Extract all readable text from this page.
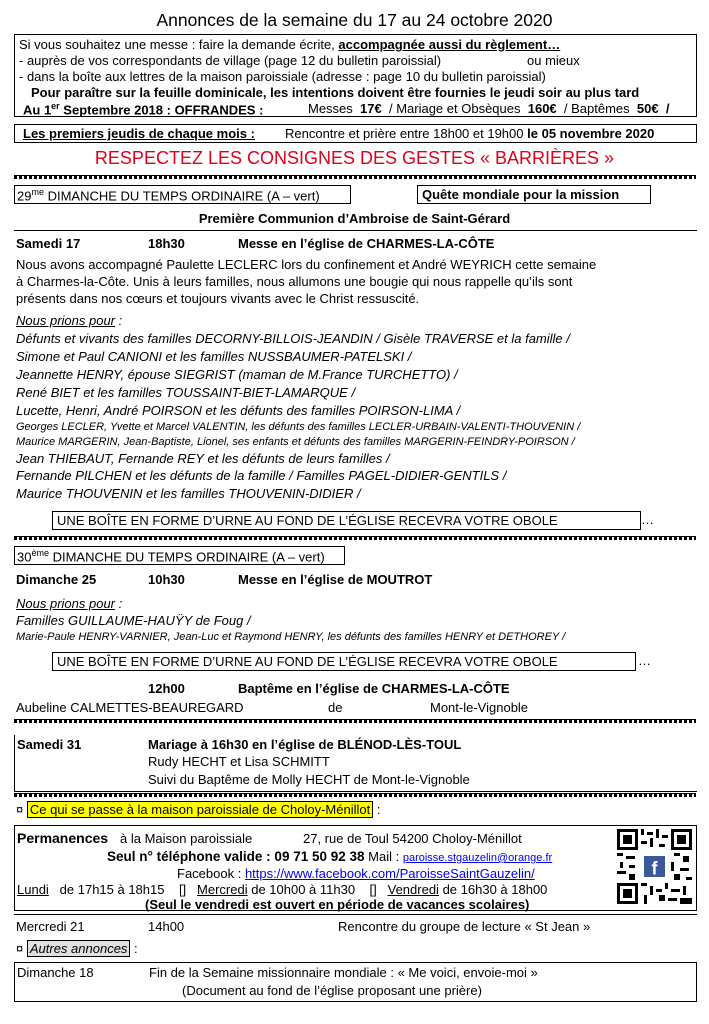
Annonces de la semaine du 17 au 24 octobre 2020
Si vous souhaitez une messe : faire la demande écrite, accompagnée aussi du règlement…
- auprès de vos correspondants de village (page 12 du bulletin paroissial)	ou mieux
- dans la boîte aux lettres de la maison paroissiale (adresse : page 10 du bulletin paroissial)
Pour paraître sur la feuille dominicale, les intentions doivent être fournies le jeudi soir au plus tard
Au 1er Septembre 2018 : OFFRANDES :	Messes 17€ / Mariage et Obsèques 160€ / Baptêmes 50€ /
Les premiers jeudis de chaque mois : Rencontre et prière entre 18h00 et 19h00 le 05 novembre 2020
RESPECTEZ LES CONSIGNES DES GESTES « BARRIÈRES »
$29^{me}$ DIMANCHE DU TEMPS ORDINAIRE (A – vert)	Quête mondiale pour la mission
Première Communion d’Ambroise de Saint-Gérard
Samedi 17	18h30	Messe en l’église de CHARMES-LA-CÔTE
Nous avons accompagné Paulette LECLERC lors du confinement et André WEYRICH cette semaine
à Charmes-la-Côte. Unis à leurs familles, nous allumons une bougie qui nous rappelle qu’ils sont
présents dans nos cœurs et toujours vivants avec le Christ ressuscité.
Nous prions pour :
Défunts et vivants des familles DECORNY-BILLOIS-JEANDIN / Gisèle TRAVERSE et la famille /
Simone et Paul CANIONI et les familles NUSSBAUMER-PATELSKI /
Jeannette HENRY, épouse SIEGRIST (maman de M.France TURCHETTO) /
René BIET et les familles TOUSSAINT-BIET-LAMARQUE /
Lucette, Henri, André POIRSON et les défunts des familles POIRSON-LIMA /
Georges LECLER, Yvette et Marcel VALENTIN, les défunts des familles LECLER-URBAIN-VALENTI-THOUVENIN /
Maurice MARGERIN, Jean-Baptiste, Lionel, ses enfants et défunts des familles MARGERIN-FEINDRY-POIRSON /
Jean THIEBAUT, Fernande REY et les défunts de leurs familles /
Fernande PILCHEN et les défunts de la famille / Familles PAGEL-DIDIER-GENTILS /
Maurice THOUVENIN et les familles THOUVENIN-DIDIER /
UNE BOÎTE EN FORME D’URNE AU FOND DE L’ÉGLISE RECEVRA VOTRE OBOLE	…
30ème DIMANCHE DU TEMPS ORDINAIRE (A – vert)
Dimanche 25	10h30	Messe en l’église de MOUTROT
Nous prions pour :
Familles GUILLAUME-HAUŸY de Foug /
Marie-Paule HENRY-VARNIER, Jean-Luc et Raymond HENRY, les défunts des familles HENRY et DETHOREY /
UNE BOÎTE EN FORME D’URNE AU FOND DE L’ÉGLISE RECEVRA VOTRE OBOLE	…
12h00	Baptême en l’église de CHARMES-LA-CÔTE
Aubeline CALMETTES-BEAUREGARD	de	Mont-le-Vignoble
Samedi 31	Mariage à 16h30 en l’église de BLÉNOD-LÈS-TOUL
Rudy HECHT et Lisa SCHMITT
Suivi du Baptême de Molly HECHT de Mont-le-Vignoble
¤ Ce qui se passe à la maison paroissiale de Choloy-Ménillot :
Permanences à la Maison paroissiale	27, rue de Toul 54200 Choloy-Ménillot
Seul n° téléphone valide : 09 71 50 92 38 Mail : paroisse.stgauzelin@orange.fr
Facebook : https://www.facebook.com/ParoisseSaintGauzelin/
Lundi de 17h15 à 18h15 [] Mercredi de 10h00 à 11h30 [] Vendredi de 16h30 à 18h00
(Seul le vendredi est ouvert en période de vacances scolaires)
f
Mercredi 21	14h00	Rencontre du groupe de lecture « St Jean »
¤ Autres annonces :
Dimanche 18	Fin de la Semaine missionnaire mondiale : « Me voici, envoie-moi »
(Document au fond de l’église proposant une prière)
